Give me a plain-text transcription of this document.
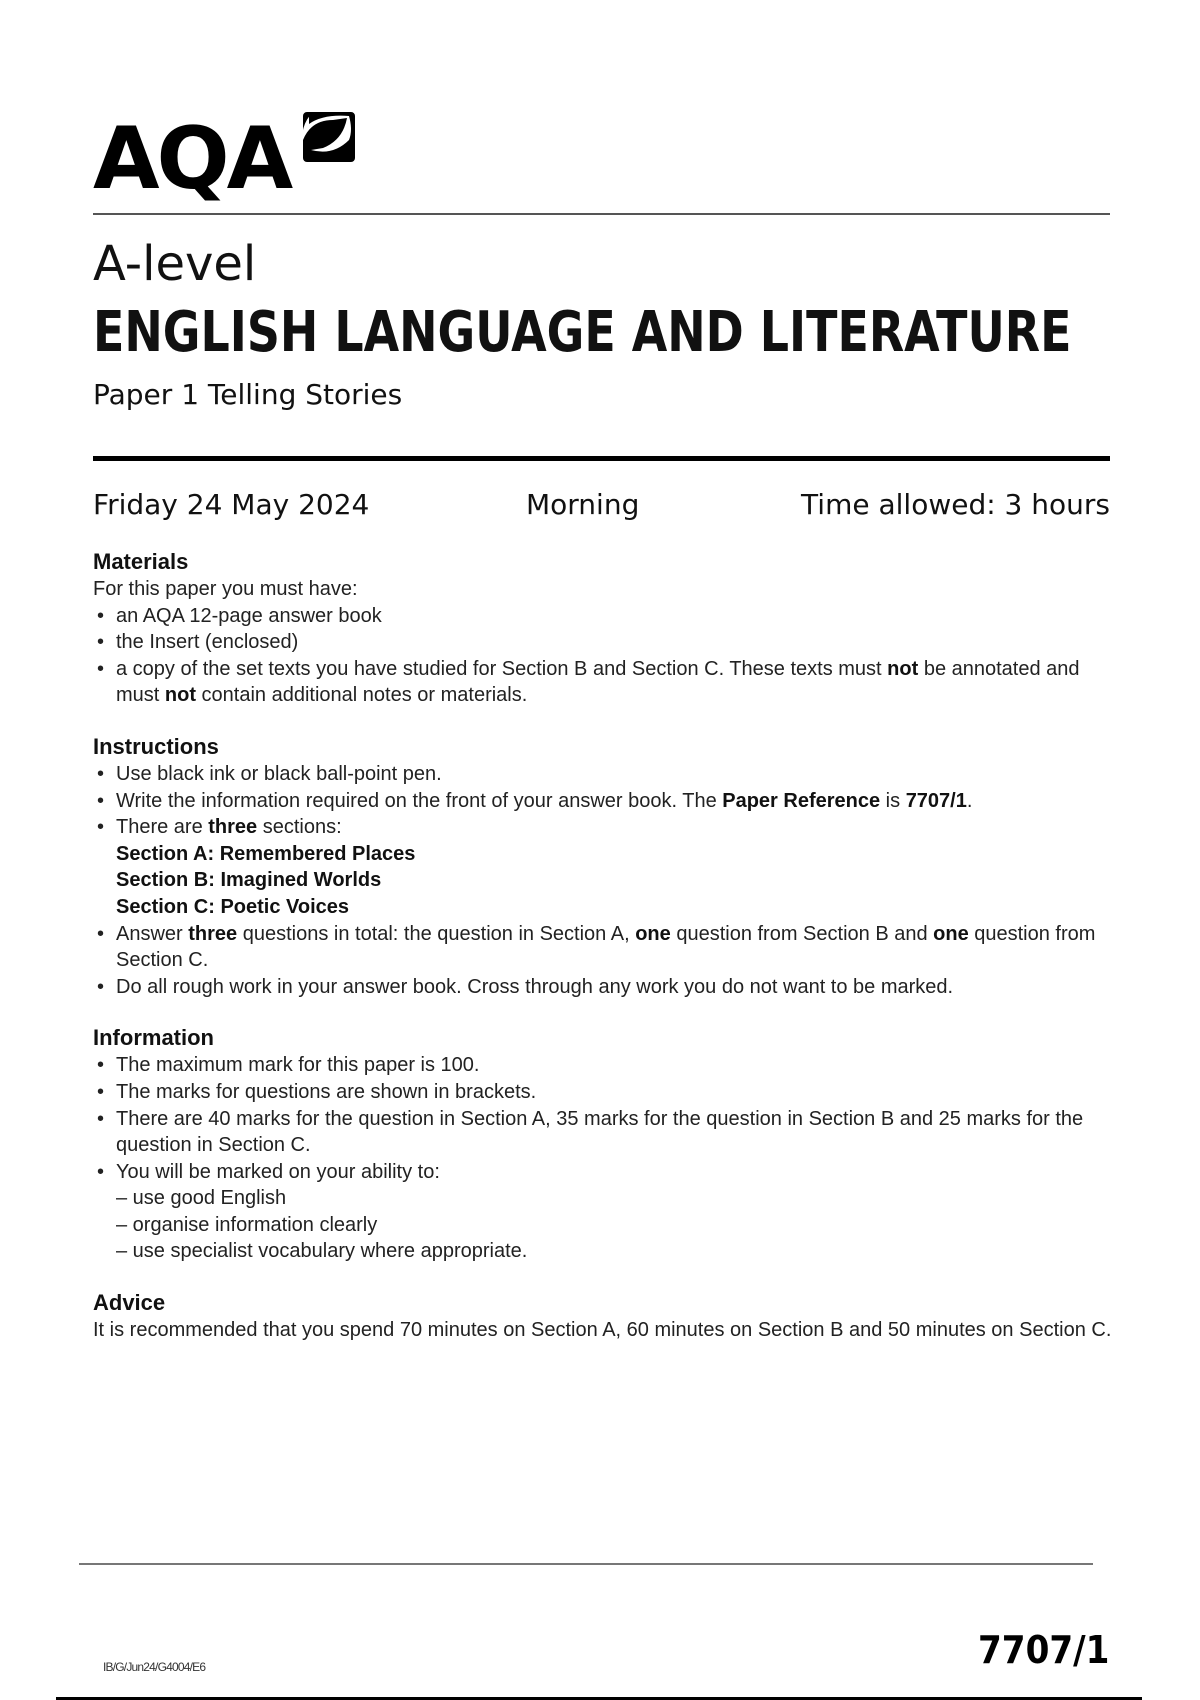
AQA
A-level
ENGLISH LANGUAGE AND LITERATURE
Paper 1 Telling Stories
Friday 24 May 2024	Morning	Time allowed: 3 hours
Materials

For this paper you must have:

• an AQA 12-page answer book
• the Insert (enclosed)
• a copy of the set texts you have studied for Section B and Section C. These texts must not be annotated and must not contain additional notes or materials.
Instructions
• Use black ink or black ball-point pen.
• Write the information required on the front of your answer book. The Paper Reference is 7707/1.
• There are three sections:
Section A: Remembered Places
Section B: Imagined Worlds
Section C: Poetic Voices
• Answer three questions in total: the question in Section A, one question from Section B and one question from Section C.
• Do all rough work in your answer book. Cross through any work you do not want to be marked.
Information
• The maximum mark for this paper is 100.
• The marks for questions are shown in brackets.
• There are 40 marks for the question in Section A, 35 marks for the question in Section B and 25 marks for the question in Section C.
• You will be marked on your ability to:
– use good English
– organise information clearly
– use specialist vocabulary where appropriate.
Advice

It is recommended that you spend 70 minutes on Section A, 60 minutes on Section B and 50 minutes on Section C.

IB/G/Jun24/G4004/E6	7707/1
